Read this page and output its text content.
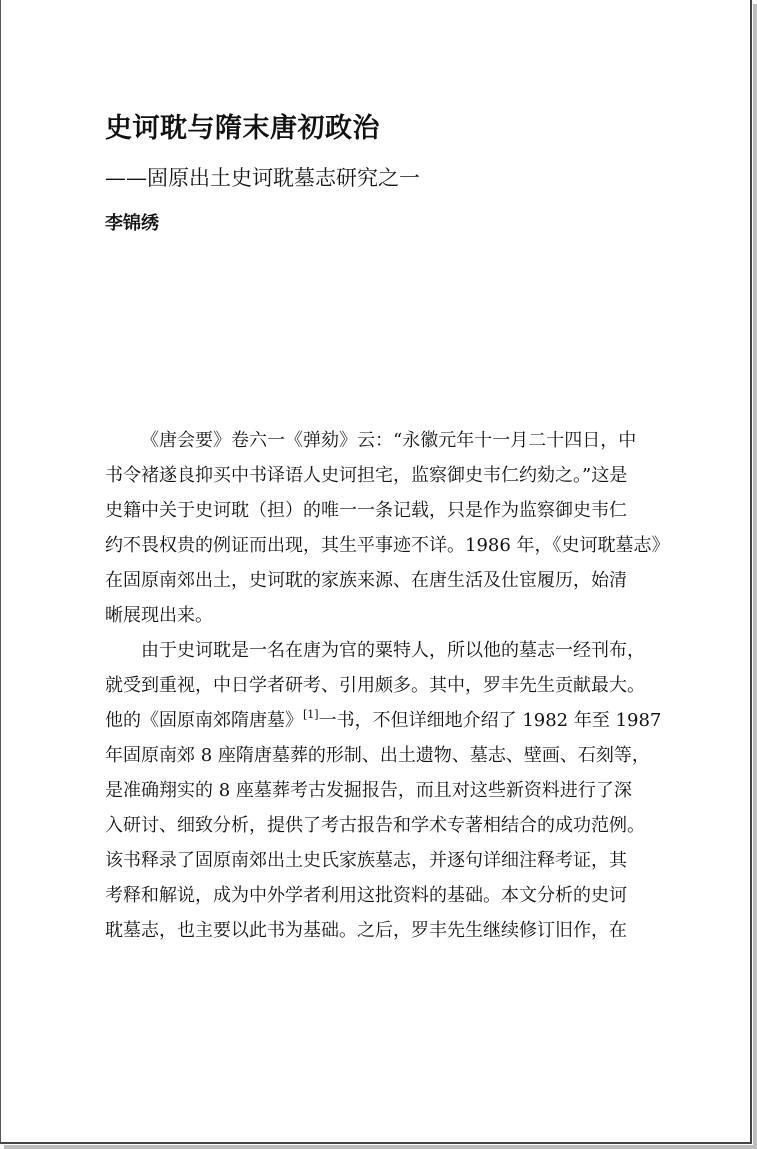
史诃耽与隋末唐初政治
——固原出土史诃耽墓志研究之一
李锦绣
《唐会要》卷六一《弹劾》云：“永徽元年十一月二十四日，中
书令褚遂良抑买中书译语人史诃担宅，监察御史韦仁约劾之。”这是
史籍中关于史诃耽（担）的唯一一条记载，只是作为监察御史韦仁
约不畏权贵的例证而出现，其生平事迹不详。1986 年，《史诃耽墓志》
在固原南郊出土，史诃耽的家族来源、在唐生活及仕宦履历，始清
晰展现出来。
由于史诃耽是一名在唐为官的粟特人，所以他的墓志一经刊布，
就受到重视，中日学者研考、引用颇多。其中，罗丰先生贡献最大。
他的《固原南郊隋唐墓》[1]一书，不但详细地介绍了 1982 年至 1987
年固原南郊 8 座隋唐墓葬的形制、出土遗物、墓志、壁画、石刻等，
是准确翔实的 8 座墓葬考古发掘报告，而且对这些新资料进行了深
入研讨、细致分析，提供了考古报告和学术专著相结合的成功范例。
该书释录了固原南郊出土史氏家族墓志，并逐句详细注释考证，其
考释和解说，成为中外学者利用这批资料的基础。本文分析的史诃
耽墓志，也主要以此书为基础。之后，罗丰先生继续修订旧作，在
